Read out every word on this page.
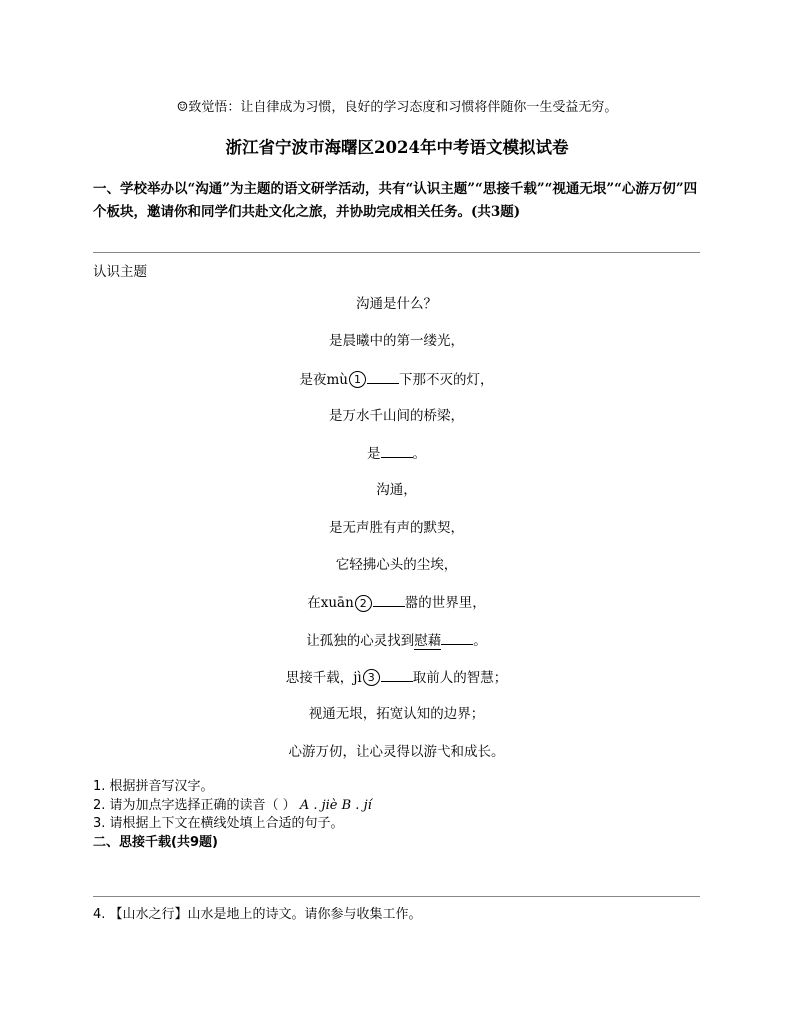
☺致觉悟：让自律成为习惯，良好的学习态度和习惯将伴随你一生受益无穷。
浙江省宁波市海曙区2024年中考语文模拟试卷
一、学校举办以“沟通”为主题的语文研学活动，共有“认识主题”“思接千载”“视通无垠”“心游万仞”四个板块，邀请你和同学们共赴文化之旅，并协助完成相关任务。(共3题)
认识主题
沟通是什么？
是晨曦中的第一缕光，
是夜mù 1	下那不灭的灯，
是万水千山间的桥梁，
是 。
沟通，
是无声胜有声的默契，
它轻拂心头的尘埃，
在xuān 2	嚣的世界里，
让孤独的心灵找到慰藉 。
思接千载，jì 3	取前人的智慧；
视通无垠，拓宽认知的边界；
心游万仞，让心灵得以游弋和成长。
1. 根据拼音写汉字。
2. 请为加点字选择正确的读音（ ） A . jiè B . jí
3. 请根据上下文在横线处填上合适的句子。
二、思接千载(共9题)
4. 【山水之行】山水是地上的诗文。请你参与收集工作。
